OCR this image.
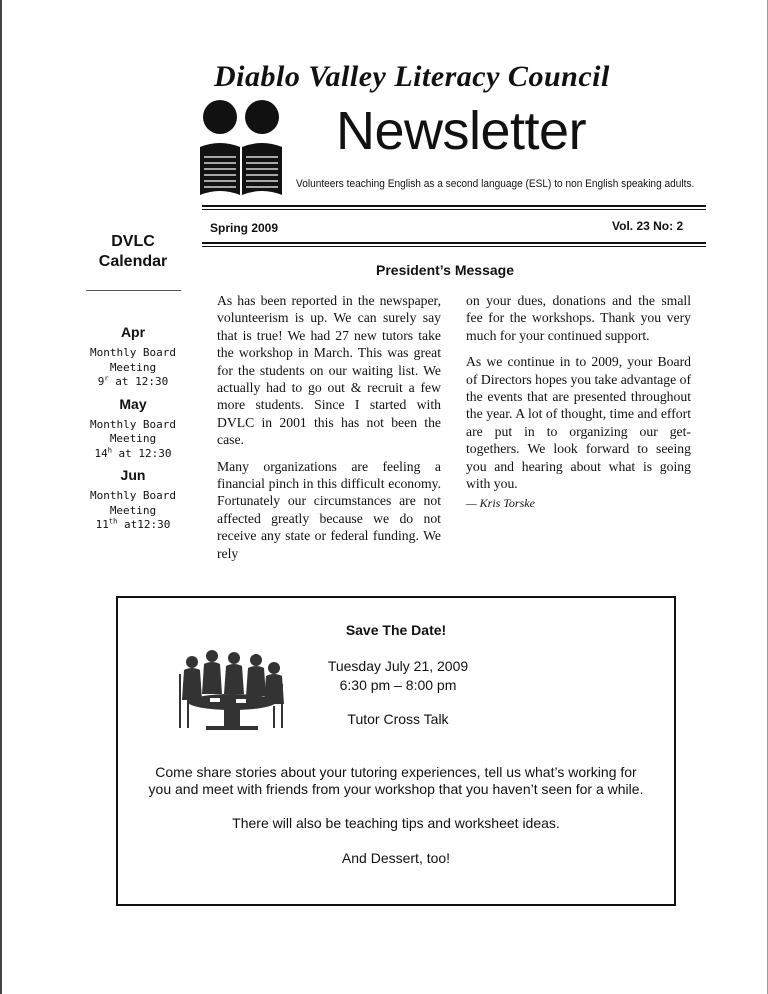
Diablo Valley Literacy Council
Newsletter
Volunteers teaching English as a second language (ESL) to non English speaking adults.
Spring 2009	Vol. 23 No: 2
DVLC
Calendar
Apr
Monthly Board
Meeting
9$^r$ at 12:30
May
Monthly Board
Meeting
14$^h$ at 12:30
Jun
Monthly Board
Meeting
11th at12:30
President’s Message

As has been reported in the newspaper, volunteerism is up. We can surely say that is true! We had 27 new tutors take the workshop in March. This was great for the students on our waiting list. We actually had to go out & recruit a few more students. Since I started with DVLC in 2001 this has not been the case.

Many organizations are feeling a financial pinch in this difficult economy. Fortunately our circumstances are not affected greatly because we do not receive any state or federal funding. We rely

on your dues, donations and the small fee for the workshops. Thank you very much for your continued support.

As we continue in to 2009, your Board of Directors hopes you take advantage of the events that are presented throughout the year. A lot of thought, time and effort are put in to organizing our get-togethers. We look forward to seeing you and hearing about what is going with you.

— Kris Torske
Save The Date!
Tuesday July 21, 2009
6:30 pm – 8:00 pm
Tutor Cross Talk
Come share stories about your tutoring experiences, tell us what’s working for you and meet with friends from your workshop that you haven’t seen for a while.
There will also be teaching tips and worksheet ideas.
And Dessert, too!
